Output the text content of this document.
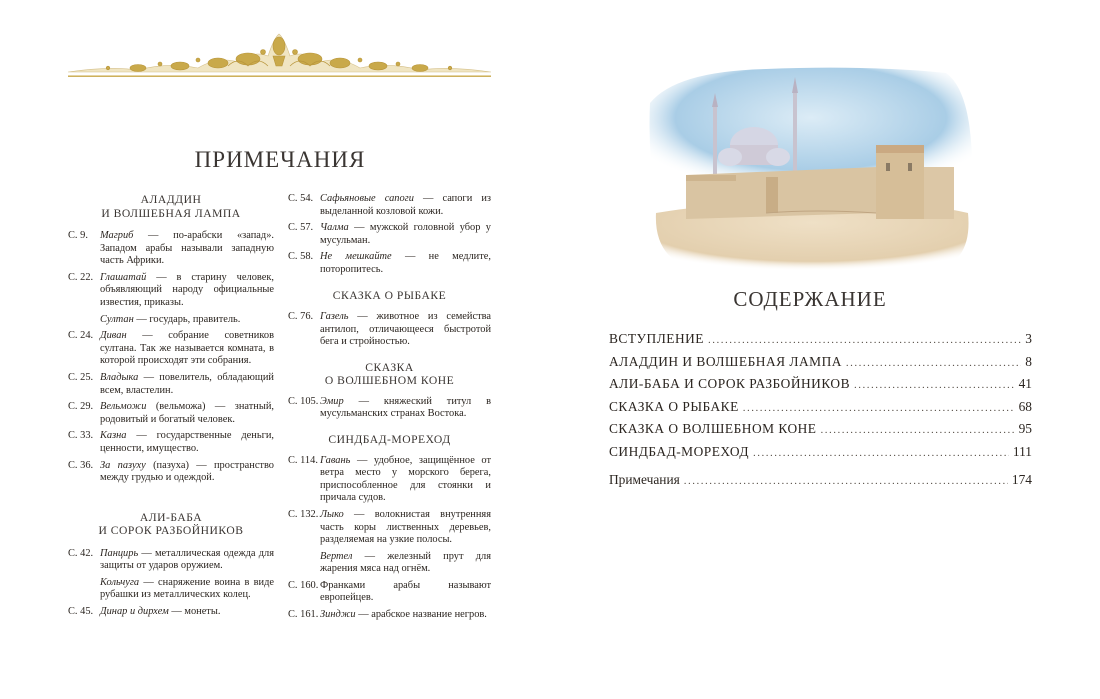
ПРИМЕЧАНИЯ

АЛАДДИН
И ВОЛШЕБНАЯ ЛАМПА

С. 9.	Магриб — по-арабски «запад». Западом арабы называли западную часть Африки.
С. 22. Глашатай — в старину человек, объявляющий народу официальные известия, приказы.
Султан — государь, правитель.
С. 24. Диван — собрание советников султана. Так же называется комната, в которой происходят эти собрания.
С. 25. Владыка — повелитель, обладающий всем, властелин.
С. 29. Вельможи (вельможа) — знатный, родовитый и богатый человек.
С. 33. Казна — государственные деньги, ценности, имущество.
С. 36. За пазуху (пазуха) — пространство между грудью и одеждой.

АЛИ-БАБА
И СОРОК РАЗБОЙНИКОВ

С. 42. Панцирь — металлическая одежда для защиты от ударов оружием.
Кольчуга — снаряжение воина в виде рубашки из металлических колец.
С. 45. Динар и дирхем — монеты.
С. 54. Сафьяновые сапоги — сапоги из выделанной козловой кожи.
С. 57. Чалма — мужской головной убор у мусульман.
С. 58. Не мешкайте — не медлите, поторопитесь.

СКАЗКА О РЫБАКЕ

С. 76. Газель — животное из семейства антилоп, отличающееся быстротой бега и стройностью.

СКАЗКА
О ВОЛШЕБНОМ КОНЕ

С. 105. Эмир — княжеский титул в мусульманских странах Востока.

СИНДБАД-МОРЕХОД

С. 114. Гавань — удобное, защищённое от ветра место у морского берега, приспособленное для стоянки и причала судов.
С. 132. Лыко — волокнистая внутренняя часть коры лиственных деревьев, разделяемая на узкие полосы.
Вертел — железный прут для жарения мяса над огнём.
С. 160. Франками арабы называют европейцев.
С. 161. Зинджи — арабское название негров.
СОДЕРЖАНИЕ
ВСТУПЛЕНИЕ .....	3
АЛАДДИН И ВОЛШЕБНАЯ ЛАМПА .....	8
АЛИ-БАБА И СОРОК РАЗБОЙНИКОВ .....	41
СКАЗКА О РЫБАКЕ .....	68
СКАЗКА О ВОЛШЕБНОМ КОНЕ .....	95
СИНДБАД-МОРЕХОД .....	111
Примечания .....	174
